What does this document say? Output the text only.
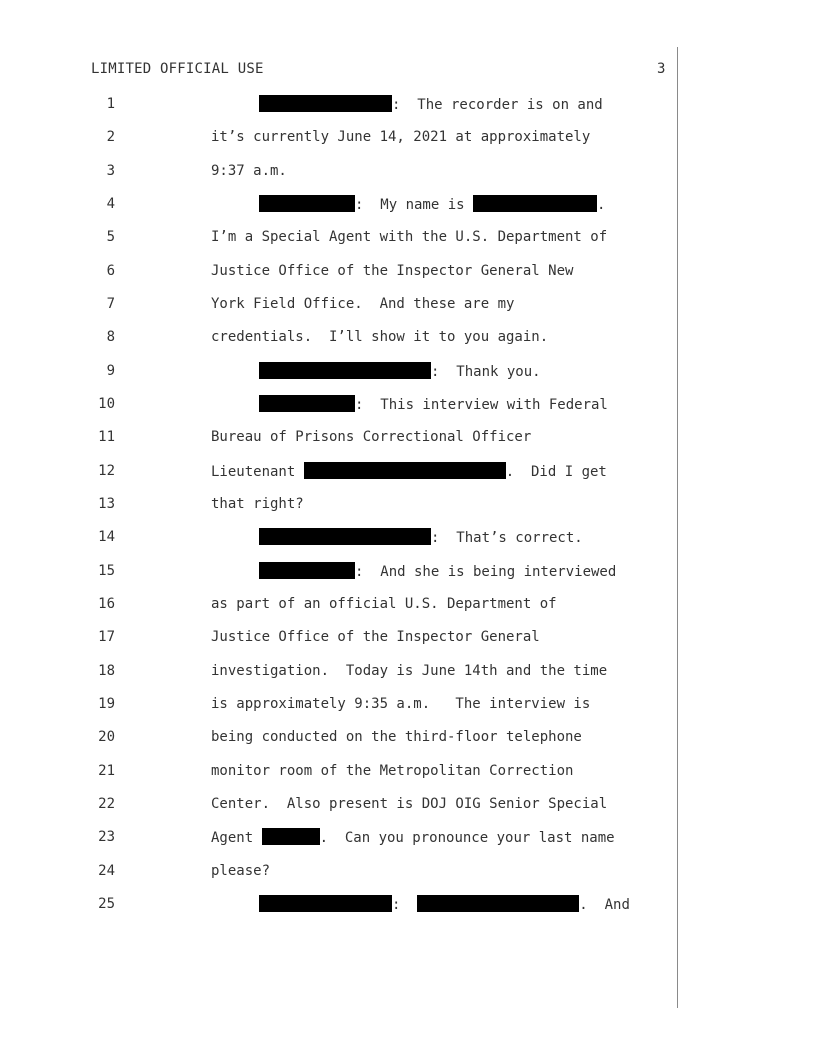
LIMITED OFFICIAL USE	3
1	:  The recorder is on and
2	it’s currently June 14, 2021 at approximately
3	9:37 a.m.
4	:  My name is	.
5	I’m a Special Agent with the U.S. Department of
6	Justice Office of the Inspector General New
7	York Field Office.  And these are my
8	credentials.  I’ll show it to you again.
9	:  Thank you.
10	:  This interview with Federal
11	Bureau of Prisons Correctional Officer
12	Lieutenant	.  Did I get
13	that right?
14	:  That’s correct.
15	:  And she is being interviewed
16	as part of an official U.S. Department of
17	Justice Office of the Inspector General
18	investigation.  Today is June 14th and the time
19	is approximately 9:35 a.m.   The interview is
20	being conducted on the third-floor telephone
21	monitor room of the Metropolitan Correction
22	Center.  Also present is DOJ OIG Senior Special
23	Agent	.  Can you pronounce your last name
24	please?
25	:	.  And
